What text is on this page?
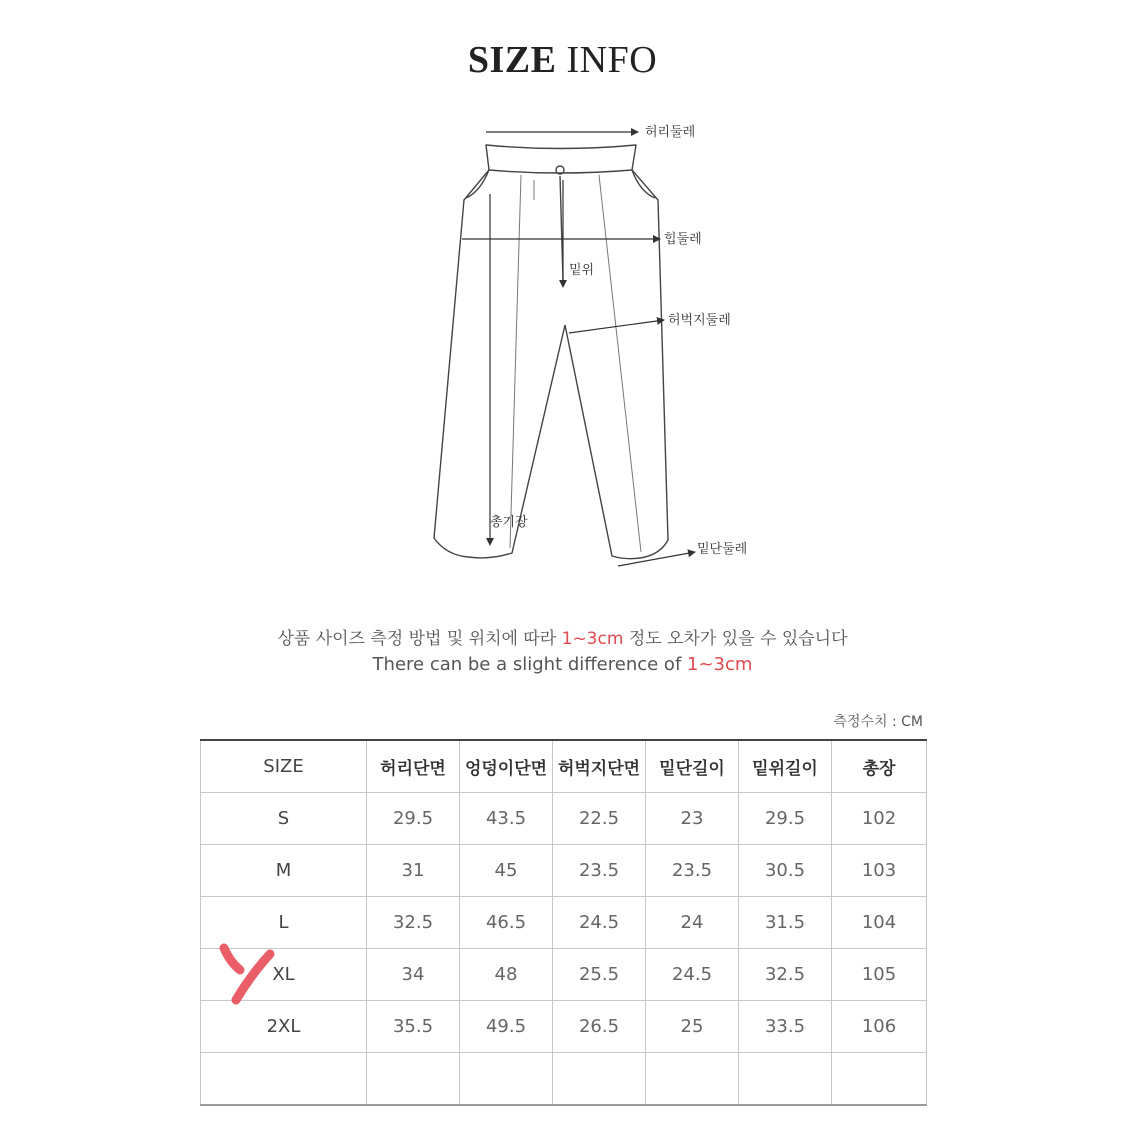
SIZE INFO
허리둘레
힙둘레
밑위
허벅지둘레
총기장
밑단둘레
상품 사이즈 측정 방법 및 위치에 따라 1~3cm 정도 오차가 있을 수 있습니다
There can be a slight difference of 1~3cm
측정수치 : CM
SIZE	허리단면	엉덩이단면	허벅지단면	밑단길이	밑위길이	총장
S	29.5	43.5	22.5	23	29.5	102
M	31	45	23.5	23.5	30.5	103
L	32.5	46.5	24.5	24	31.5	104
XL	34	48	25.5	24.5	32.5	105
2XL	35.5	49.5	26.5	25	33.5	106
